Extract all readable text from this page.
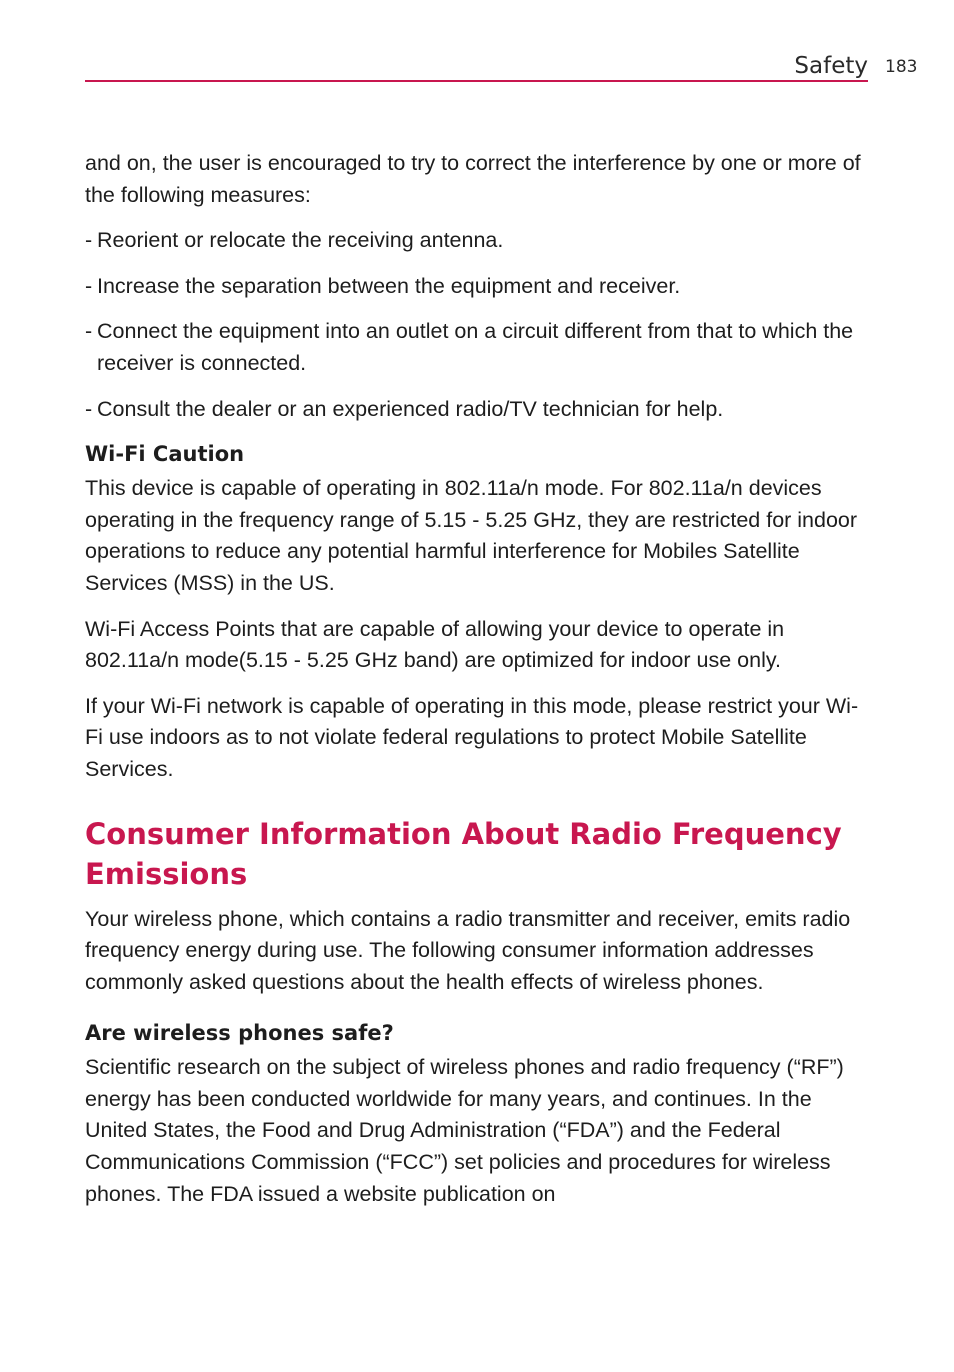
Safety 183

and on, the user is encouraged to try to correct the interference by one or more of the following measures:

- Reorient or relocate the receiving antenna.
- Increase the separation between the equipment and receiver.
- Connect the equipment into an outlet on a circuit different from that to which the receiver is connected.
- Consult the dealer or an experienced radio/TV technician for help.
Wi-Fi Caution

This device is capable of operating in 802.11a/n mode. For 802.11a/n devices operating in the frequency range of 5.15 - 5.25 GHz, they are restricted for indoor operations to reduce any potential harmful interference for Mobiles Satellite Services (MSS) in the US.

Wi-Fi Access Points that are capable of allowing your device to operate in 802.11a/n mode(5.15 - 5.25 GHz band) are optimized for indoor use only.

If your Wi-Fi network is capable of operating in this mode, please restrict your Wi-Fi use indoors as to not violate federal regulations to protect Mobile Satellite Services.

Consumer Information About Radio Frequency Emissions

Your wireless phone, which contains a radio transmitter and receiver, emits radio frequency energy during use. The following consumer information addresses commonly asked questions about the health effects of wireless phones.

Are wireless phones safe?

Scientific research on the subject of wireless phones and radio frequency (“RF”) energy has been conducted worldwide for many years, and continues. In the United States, the Food and Drug Administration (“FDA”) and the Federal Communications Commission (“FCC”) set policies and procedures for wireless phones. The FDA issued a website publication on
